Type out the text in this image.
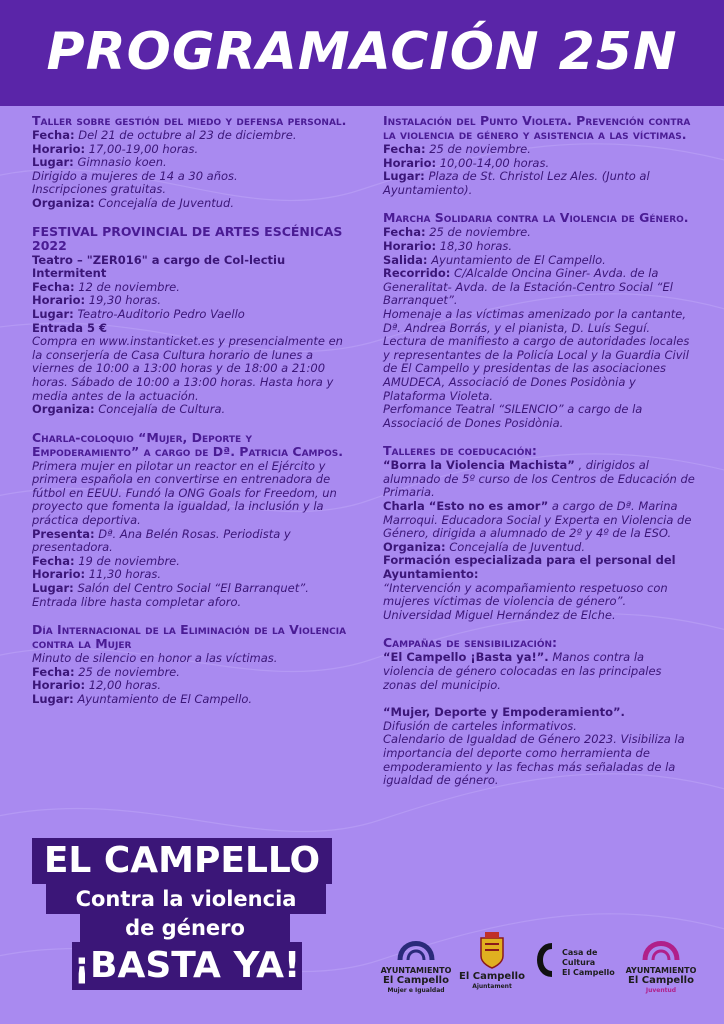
PROGRAMACIÓN 25N
Taller sobre gestión del miedo y defensa personal.
Fecha: Del 21 de octubre al 23 de diciembre.
Horario: 17,00-19,00 horas.
Lugar: Gimnasio koen.
Dirigido a mujeres de 14 a 30 años.
Inscripciones gratuitas.
Organiza: Concejalía de Juventud.
FESTIVAL PROVINCIAL DE ARTES ESCÉNICAS 2022
Teatro – "ZER016" a cargo de Col-lectiu Intermitent
Fecha: 12 de noviembre.
Horario: 19,30 horas.
Lugar: Teatro-Auditorio Pedro Vaello
Entrada 5 €
Compra en www.instanticket.es y presencialmente en la conserjería de Casa Cultura horario de lunes a viernes de 10:00 a 13:00 horas y de 18:00 a 21:00 horas. Sábado de 10:00 a 13:00 horas. Hasta hora y media antes de la actuación.
Organiza: Concejalía de Cultura.
Charla-coloquio “Mujer, Deporte y Empoderamiento” a cargo de Dª. Patricia Campos.
Primera mujer en pilotar un reactor en el Ejército y primera española en convertirse en entrenadora de fútbol en EEUU. Fundó la ONG Goals for Freedom, un proyecto que fomenta la igualdad, la inclusión y la práctica deportiva.
Presenta: Dª. Ana Belén Rosas. Periodista y presentadora.
Fecha: 19 de noviembre.
Horario: 11,30 horas.
Lugar: Salón del Centro Social “El Barranquet”.
Entrada libre hasta completar aforo.
Día Internacional de la Eliminación de la Violencia contra la Mujer
Minuto de silencio en honor a las víctimas.
Fecha: 25 de noviembre.
Horario: 12,00 horas.
Lugar: Ayuntamiento de El Campello.
Instalación del Punto Violeta. Prevención contra la violencia de género y asistencia a las víctimas.
Fecha: 25 de noviembre.
Horario: 10,00-14,00 horas.
Lugar: Plaza de St. Christol Lez Ales. (Junto al Ayuntamiento).
Marcha Solidaria contra la Violencia de Género.
Fecha: 25 de noviembre.
Horario: 18,30 horas.
Salida: Ayuntamiento de El Campello.
Recorrido: C/Alcalde Oncina Giner- Avda. de la Generalitat- Avda. de la Estación-Centro Social “El Barranquet”.
Homenaje a las víctimas amenizado por la cantante, Dª. Andrea Borrás, y el pianista, D. Luís Seguí.
Lectura de manifiesto a cargo de autoridades locales y representantes de la Policía Local y la Guardia Civil de El Campello y presidentas de las asociaciones AMUDECA, Associació de Dones Posidònia y Plataforma Violeta.
Perfomance Teatral “SILENCIO” a cargo de la Associació de Dones Posidònia.
Talleres de coeducación:
“Borra la Violencia Machista” , dirigidos al alumnado de 5º curso de los Centros de Educación de Primaria.
Charla “Esto no es amor” a cargo de Dª. Marina Marroqui. Educadora Social y Experta en Violencia de Género, dirigida a alumnado de 2º y 4º de la ESO.
Organiza: Concejalía de Juventud.
Formación especializada para el personal del Ayuntamiento:
“Intervención y acompañamiento respetuoso con mujeres víctimas de violencia de género”.
Universidad Miguel Hernández de Elche.
Campañas de sensibilización:
“El Campello ¡Basta ya!”. Manos contra la violencia de género colocadas en las principales zonas del municipio.
“Mujer, Deporte y Empoderamiento”.
Difusión de carteles informativos.
Calendario de Igualdad de Género 2023. Visibiliza la importancia del deporte como herramienta de empoderamiento y las fechas más señaladas de la igualdad de género.
EL CAMPELLO
Contra la violencia
de género
¡BASTA YA!	AYUNTAMIENTO
El Campello
Mujer e Igualdad
El Campello
Ajuntament
Casa de
Cultura
El Campello AYUNTAMIENTO
El Campello
Juventud
